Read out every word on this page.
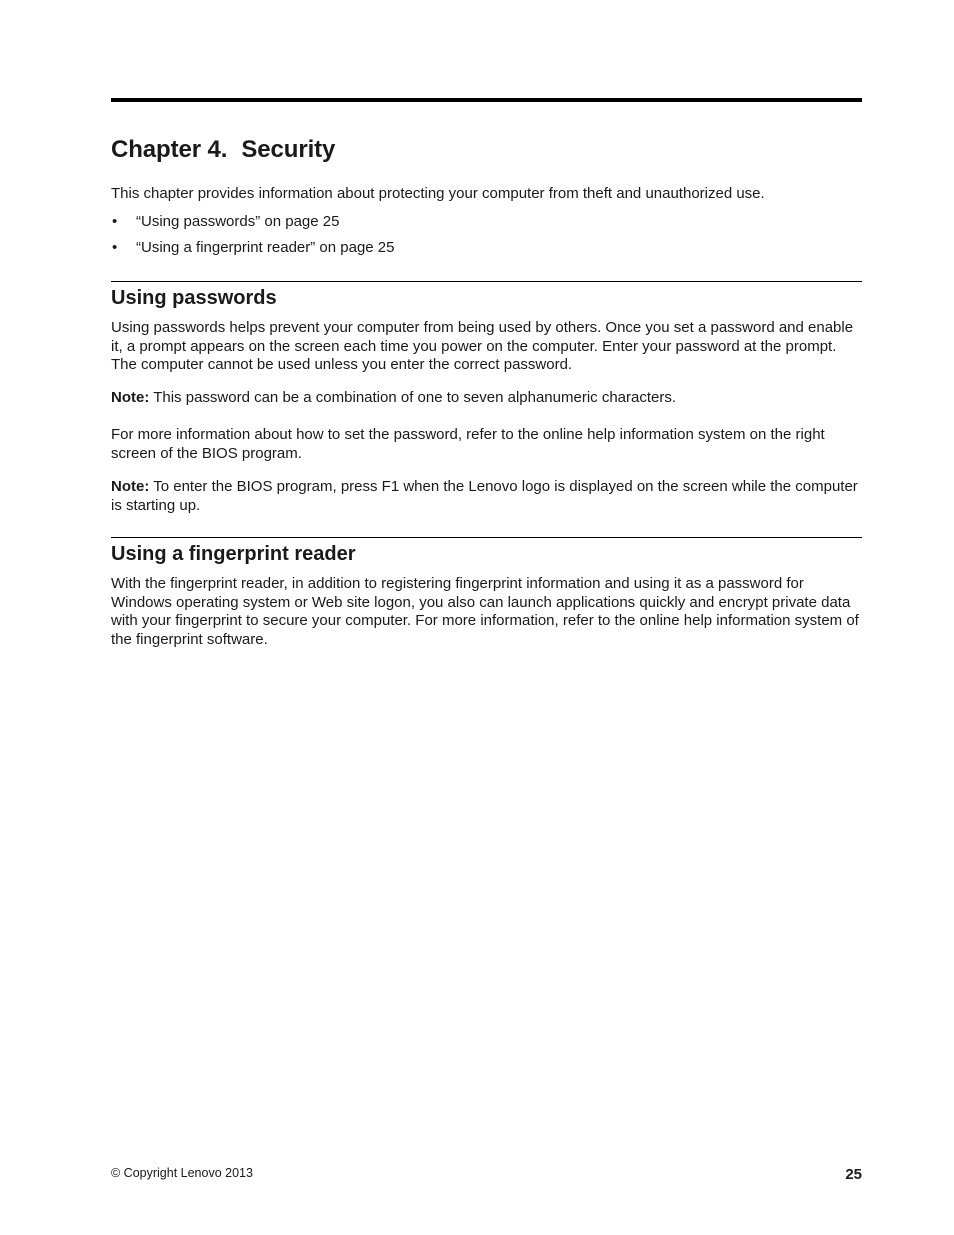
Chapter 4. Security

This chapter provides information about protecting your computer from theft and unauthorized use.

• “Using passwords” on page 25
• “Using a fingerprint reader” on page 25
Using passwords

Using passwords helps prevent your computer from being used by others. Once you set a password and enable it, a prompt appears on the screen each time you power on the computer. Enter your password at the prompt. The computer cannot be used unless you enter the correct password.

Note: This password can be a combination of one to seven alphanumeric characters.

For more information about how to set the password, refer to the online help information system on the right screen of the BIOS program.

Note: To enter the BIOS program, press F1 when the Lenovo logo is displayed on the screen while the computer is starting up.

Using a fingerprint reader

With the fingerprint reader, in addition to registering fingerprint information and using it as a password for Windows operating system or Web site logon, you also can launch applications quickly and encrypt private data with your fingerprint to secure your computer. For more information, refer to the online help information system of the fingerprint software.

© Copyright Lenovo 2013	25
